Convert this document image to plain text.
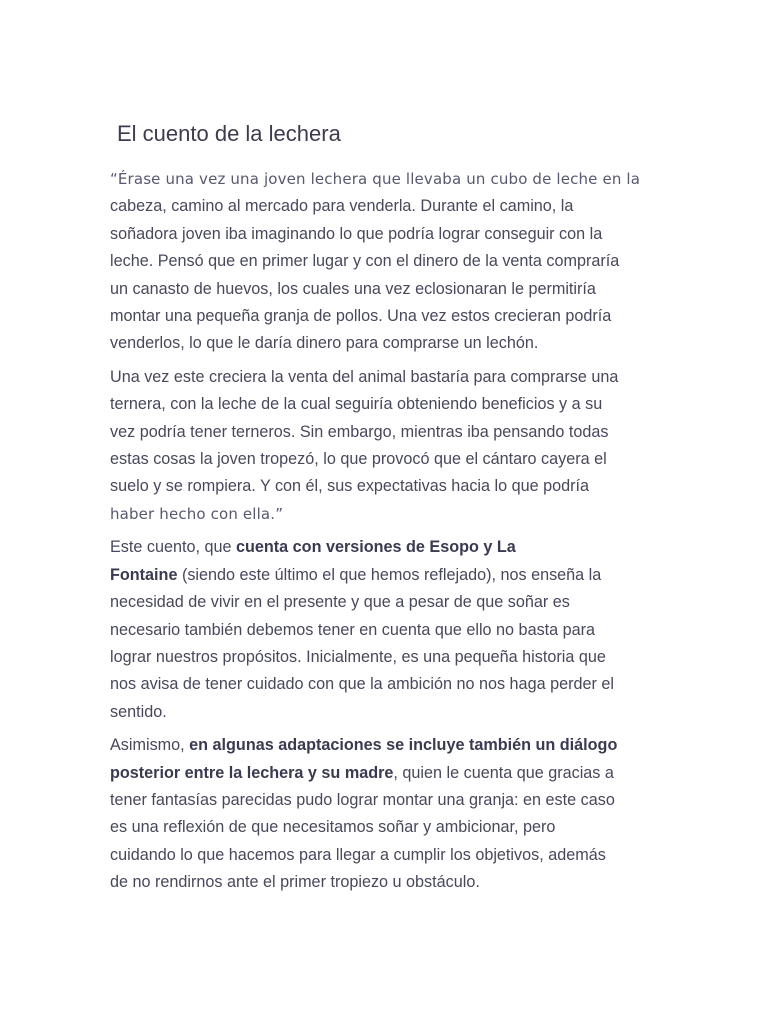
El cuento de la lechera

“Érase una vez una joven lechera que llevaba un cubo de leche en la
cabeza, camino al mercado para venderla. Durante el camino, la
soñadora joven iba imaginando lo que podría lograr conseguir con la
leche. Pensó que en primer lugar y con el dinero de la venta compraría
un canasto de huevos, los cuales una vez eclosionaran le permitiría
montar una pequeña granja de pollos. Una vez estos crecieran podría
venderlos, lo que le daría dinero para comprarse un lechón.

Una vez este creciera la venta del animal bastaría para comprarse una
ternera, con la leche de la cual seguiría obteniendo beneficios y a su
vez podría tener terneros. Sin embargo, mientras iba pensando todas
estas cosas la joven tropezó, lo que provocó que el cántaro cayera el
suelo y se rompiera. Y con él, sus expectativas hacia lo que podría
haber hecho con ella.”

Este cuento, que cuenta con versiones de Esopo y La
Fontaine (siendo este último el que hemos reflejado), nos enseña la
necesidad de vivir en el presente y que a pesar de que soñar es
necesario también debemos tener en cuenta que ello no basta para
lograr nuestros propósitos. Inicialmente, es una pequeña historia que
nos avisa de tener cuidado con que la ambición no nos haga perder el
sentido.

Asimismo, en algunas adaptaciones se incluye también un diálogo
posterior entre la lechera y su madre, quien le cuenta que gracias a
tener fantasías parecidas pudo lograr montar una granja: en este caso
es una reflexión de que necesitamos soñar y ambicionar, pero
cuidando lo que hacemos para llegar a cumplir los objetivos, además
de no rendirnos ante el primer tropiezo u obstáculo.
